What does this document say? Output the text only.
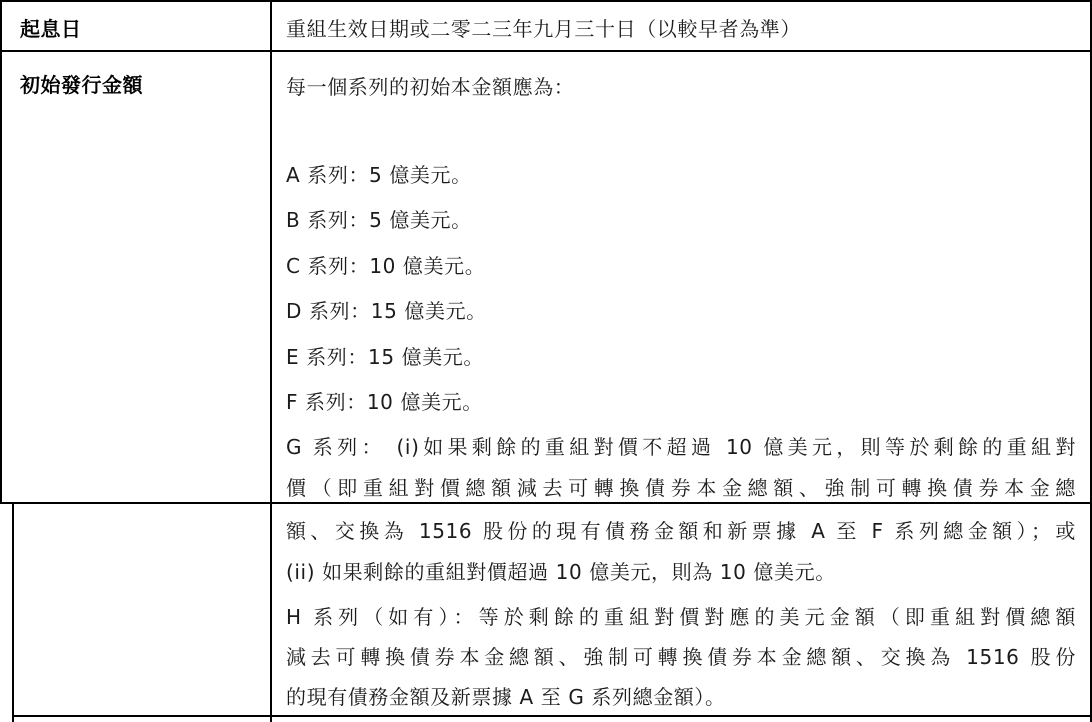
起息日	重組生效日期或二零二三年九月三十日（以較早者為準）
初始發行金額	每一個系列的初始本金額應為：
A 系列：5 億美元。
B 系列：5 億美元。
C 系列：10 億美元。
D 系列：15 億美元。
E 系列：15 億美元。
F 系列：10 億美元。
G 系列： (i)如果剩餘的重組對價不超過 10 億美元，則等於剩餘的重組對
價（即重組對價總額減去可轉換債券本金總額、強制可轉換債券本金總
額、交換為 1516 股份的現有債務金額和新票據 A 至 F 系列總金額）；或
(ii) 如果剩餘的重組對價超過 10 億美元，則為 10 億美元。
H 系列（如有）：等於剩餘的重組對價對應的美元金額（即重組對價總額
減去可轉換債券本金總額、強制可轉換債券本金總額、交換為 1516 股份
的現有債務金額及新票據 A 至 G 系列總金額）。
